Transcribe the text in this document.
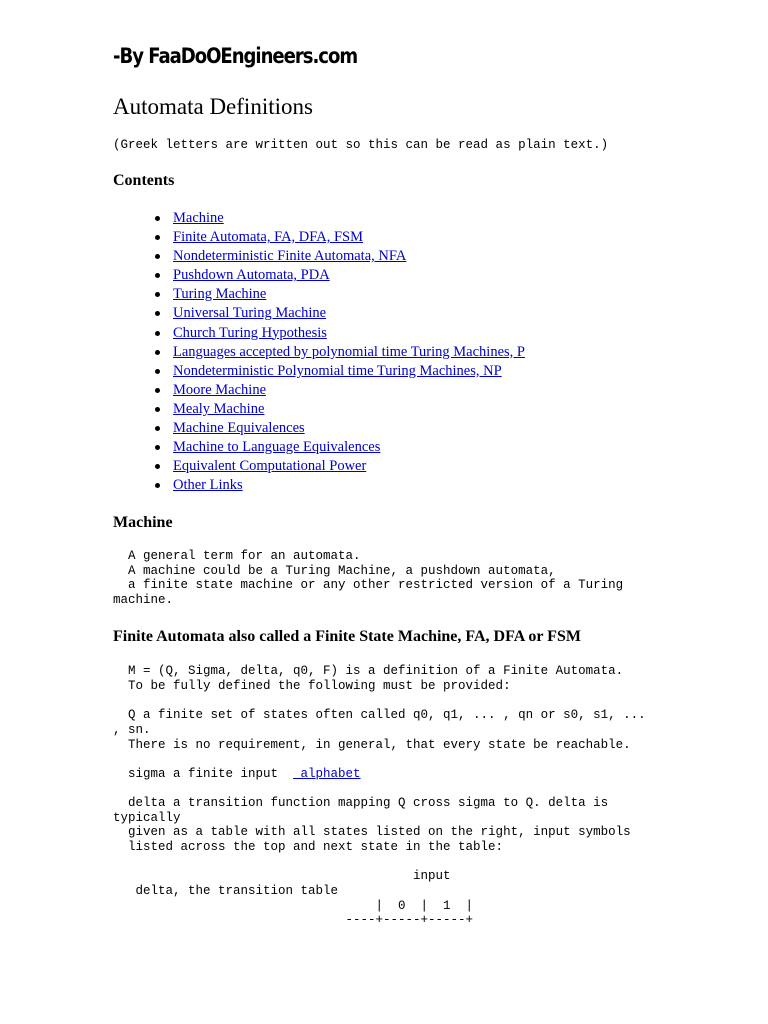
-By FaaDoOEngineers.com
Automata Definitions
(Greek letters are written out so this can be read as plain text.)
Contents
Machine
Finite Automata, FA, DFA, FSM
Nondeterministic Finite Automata, NFA
Pushdown Automata, PDA
Turing Machine
Universal Turing Machine
Church Turing Hypothesis
Languages accepted by polynomial time Turing Machines, P
Nondeterministic Polynomial time Turing Machines, NP
Moore Machine
Mealy Machine
Machine Equivalences
Machine to Language Equivalences
Equivalent Computational Power
Other Links
Machine
A general term for an automata.
A machine could be a Turing Machine, a pushdown automata,
a finite state machine or any other restricted version of a Turing
machine.
Finite Automata also called a Finite State Machine, FA, DFA or FSM
M = (Q, Sigma, delta, q0, F) is a definition of a Finite Automata.
To be fully defined the following must be provided:

Q a finite set of states often called q0, q1, ... , qn or s0, s1, ...
, sn.
There is no requirement, in general, that every state be reachable.
sigma a finite input   alphabet
delta a transition function mapping Q cross sigma to Q. delta is
typically
given as a table with all states listed on the right, input symbols
listed across the top and next state in the table:
input
delta, the transition table
|  0  |  1  |
----+-----+-----+
